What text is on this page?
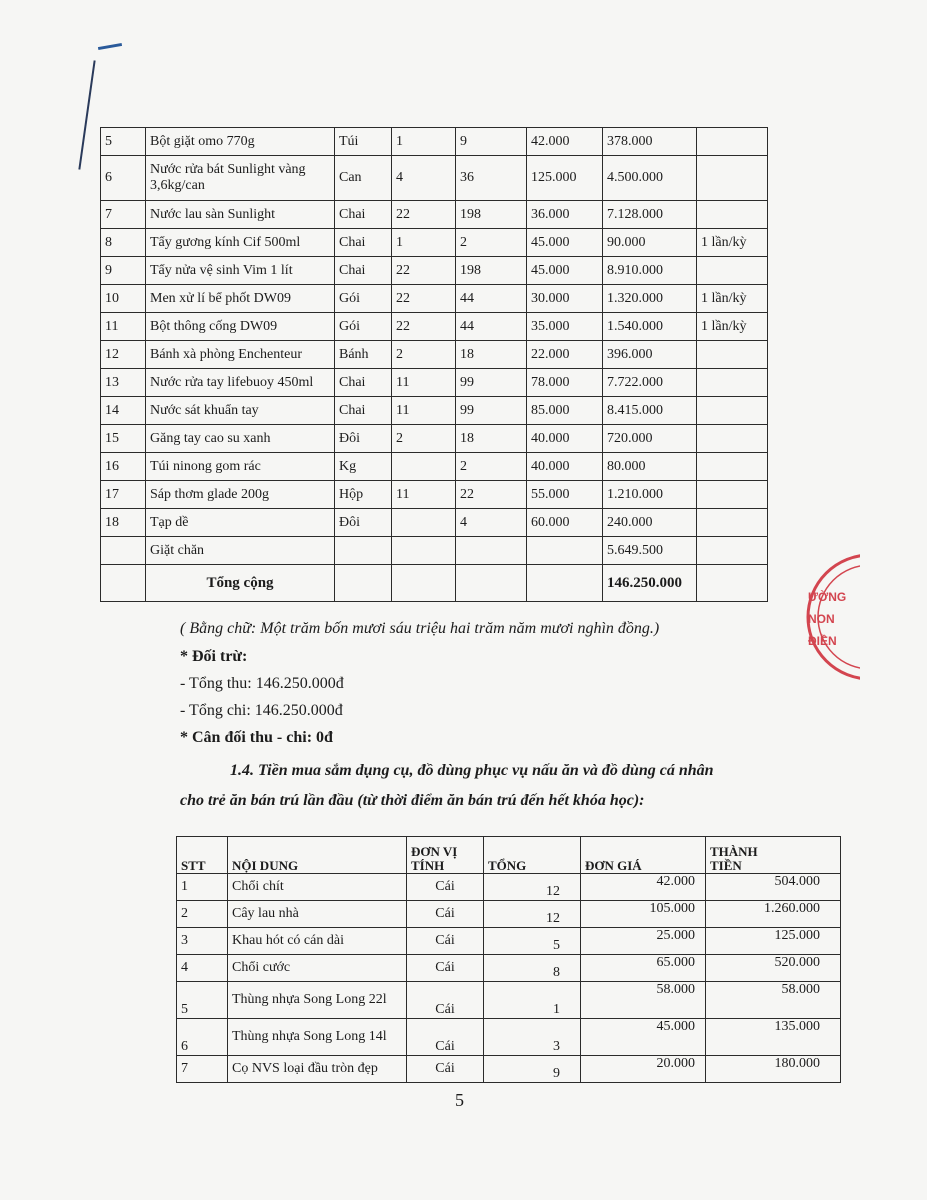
5	Bột giặt omo 770g	Túi	1	9	42.000	378.000	
6	Nước rửa bát Sunlight vàng 3,6kg/can	Can	4	36	125.000	4.500.000	
7	Nước lau sàn Sunlight	Chai	22	198	36.000	7.128.000	
8	Tẩy gương kính Cif 500ml	Chai	1	2	45.000	90.000	1 lần/kỳ
9	Tẩy nửa vệ sinh Vim 1 lít	Chai	22	198	45.000	8.910.000	
10	Men xử lí bể phốt DW09	Gói	22	44	30.000	1.320.000	1 lần/kỳ
11	Bột thông cống DW09	Gói	22	44	35.000	1.540.000	1 lần/kỳ
12	Bánh xà phòng Enchenteur	Bánh	2	18	22.000	396.000	
13	Nước rửa tay lifebuoy 450ml	Chai	11	99	78.000	7.722.000	
14	Nước sát khuẩn tay	Chai	11	99	85.000	8.415.000	
15	Găng tay cao su xanh	Đôi	2	18	40.000	720.000	
16	Túi ninong gom rác	Kg		2	40.000	80.000	
17	Sáp thơm glade 200g	Hộp	11	22	55.000	1.210.000	
18	Tạp dề	Đôi		4	60.000	240.000	
	Giặt chăn					5.649.500	
	Tổng cộng					146.250.000	
( Bằng chữ: Một trăm bốn mươi sáu triệu hai trăm năm mươi nghìn đồng.)
* Đối trừ:
- Tổng thu: 146.250.000đ
- Tổng chi: 146.250.000đ
* Cân đối thu - chi: 0đ
1.4. Tiền mua sắm dụng cụ, đồ dùng phục vụ nấu ăn và đồ dùng cá nhân
cho trẻ ăn bán trú lần đầu (từ thời điểm ăn bán trú đến hết khóa học):
STT	NỘI DUNG	ĐƠN VỊ
TÍNH	TỔNG	ĐƠN GIÁ	THÀNH
TIỀN
1	Chổi chít	Cái	12	42.000	504.000
2	Cây lau nhà	Cái	12	105.000	1.260.000
3	Khau hót có cán dài	Cái	5	25.000	125.000
4	Chổi cước	Cái	8	65.000	520.000
5	Thùng nhựa Song Long 22l	Cái	1	58.000	58.000
6	Thùng nhựa Song Long 14l	Cái	3	45.000	135.000
7	Cọ NVS loại đầu tròn đẹp	Cái	9	20.000	180.000
5
ƯỜNG
NON
ĐIỀN
